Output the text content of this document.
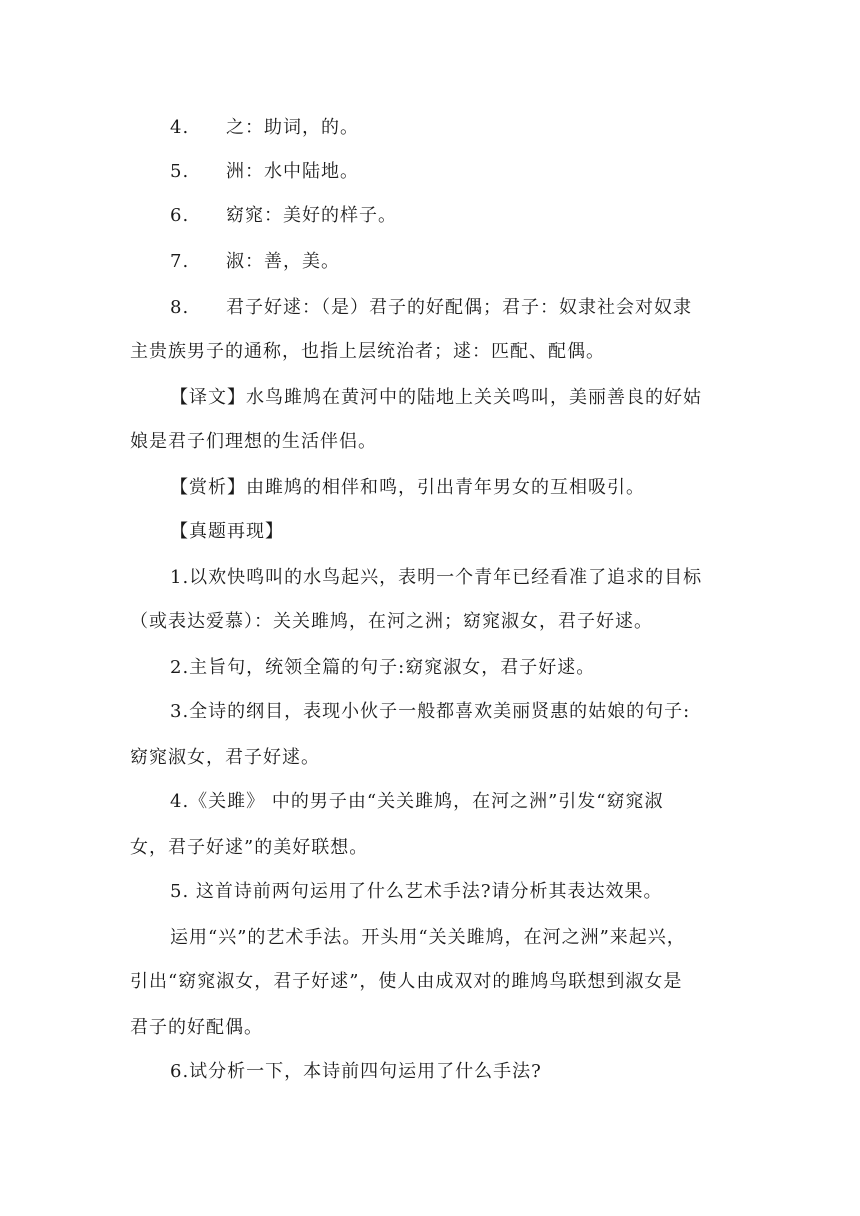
4. 之：助词，的。
5. 洲：水中陆地。
6. 窈窕：美好的样子。
7. 淑：善，美。
8. 君子好逑：（是）君子的好配偶；君子：奴隶社会对奴隶
主贵族男子的通称，也指上层统治者；逑：匹配、配偶。
【译文】水鸟雎鸠在黄河中的陆地上关关鸣叫，美丽善良的好姑
娘是君子们理想的生活伴侣。
【赏析】由雎鸠的相伴和鸣，引出青年男女的互相吸引。
【真题再现】
1.以欢快鸣叫的水鸟起兴，表明一个青年已经看准了追求的目标
（或表达爱慕）：关关雎鸠，在河之洲；窈窕淑女，君子好逑。
2.主旨句，统领全篇的句子:窈窕淑女，君子好逑。
3.全诗的纲目，表现小伙子一般都喜欢美丽贤惠的姑娘的句子:
窈窕淑女，君子好逑。
4.《关雎》 中的男子由“关关雎鸠，在河之洲”引发“窈窕淑
女，君子好逑”的美好联想。
5. 这首诗前两句运用了什么艺术手法?请分析其表达效果。
运用“兴”的艺术手法。开头用“关关雎鸠，在河之洲”来起兴，
引出“窈窕淑女，君子好逑”，使人由成双对的雎鸠鸟联想到淑女是
君子的好配偶。
6.试分析一下，本诗前四句运用了什么手法?
